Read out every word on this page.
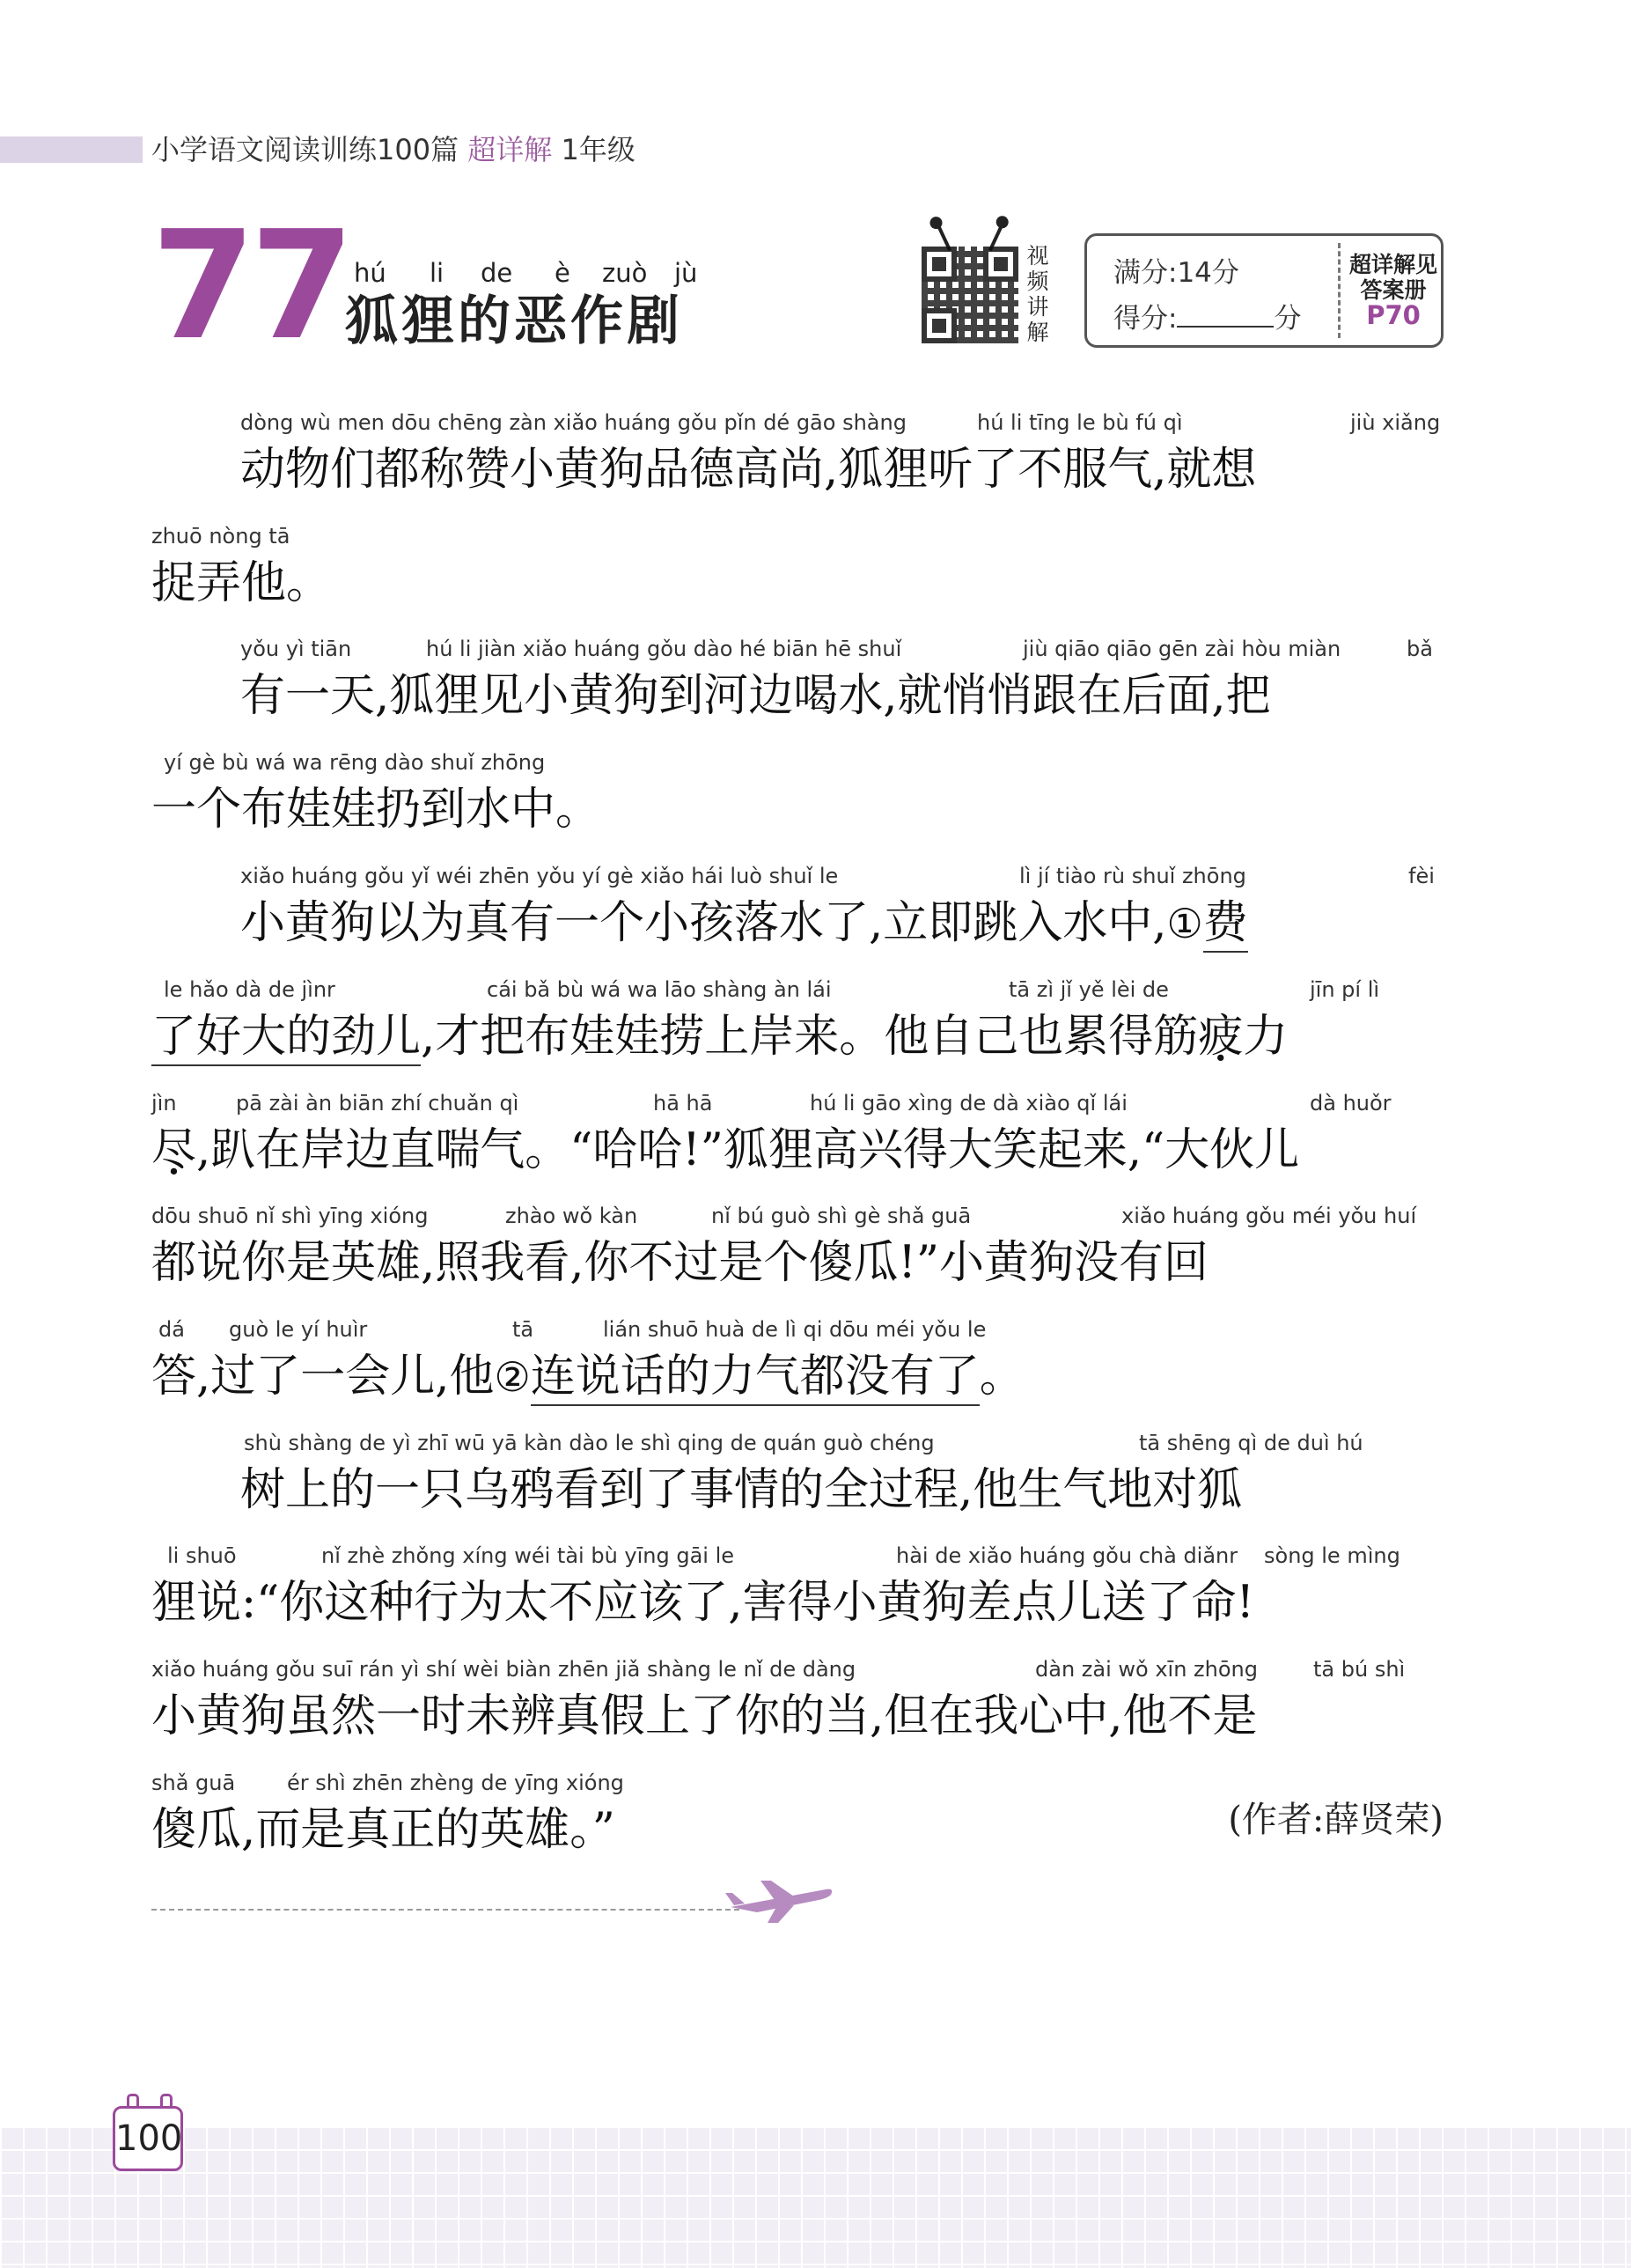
小学语文阅读训练100篇 超详解 1年级
77 hú li de è zuò jù
狐狸的恶作剧
视
频
讲
解
满分:14分
得分:	分
超详解见
答案册
P70
dòng wù men dōu chēng zàn xiǎo huáng gǒu pǐn dé gāo shàng	hú li tīng le bù fú qì	jiù xiǎng
动物们都称赞小黄狗品德高尚,狐狸听了不服气,就想
zhuō nòng tā
捉弄他。
yǒu yì tiān	hú li jiàn xiǎo huáng gǒu dào hé biān hē shuǐ	jiù qiāo qiāo gēn zài hòu miàn	bǎ
有一天,狐狸见小黄狗到河边喝水,就悄悄跟在后面,把
yí gè bù wá wa rēng dào shuǐ zhōng
一个布娃娃扔到水中。
xiǎo huáng gǒu yǐ wéi zhēn yǒu yí gè xiǎo hái luò shuǐ le	lì jí tiào rù shuǐ zhōng	fèi
小黄狗以为真有一个小孩落水了,立即跳入水中,①费
le hǎo dà de jìnr	cái bǎ bù wá wa lāo shàng àn lái	tā zì jǐ yě lèi de	jīn pí lì
了好大的劲儿,才把布娃娃捞上岸来。他自己也累得筋疲力
jìn	pā zài àn biān zhí chuǎn qì	hā hā	hú li gāo xìng de dà xiào qǐ lái	dà huǒr
尽,趴在岸边直喘气。“哈哈!”狐狸高兴得大笑起来,“大伙儿
dōu shuō nǐ shì yīng xióng	zhào wǒ kàn	nǐ bú guò shì gè shǎ guā	xiǎo huáng gǒu méi yǒu huí
都说你是英雄,照我看,你不过是个傻瓜!”小黄狗没有回
dá guò le yí huìr	tā	lián shuō huà de lì qi dōu méi yǒu le
答,过了一会儿,他②连说话的力气都没有了。
shù shàng de yì zhī wū yā kàn dào le shì qing de quán guò chéng	tā shēng qì de duì hú
树上的一只乌鸦看到了事情的全过程,他生气地对狐
li shuō	nǐ zhè zhǒng xíng wéi tài bù yīng gāi le	hài de xiǎo huáng gǒu chà diǎnr sòng le mìng
狸说:“你这种行为太不应该了,害得小黄狗差点儿送了命!
xiǎo huáng gǒu suī rán yì shí wèi biàn zhēn jiǎ shàng le nǐ de dàng	dàn zài wǒ xīn zhōng	tā bú shì
小黄狗虽然一时未辨真假上了你的当,但在我心中,他不是
shǎ guā ér shì zhēn zhèng de yīng xióng
傻瓜,而是真正的英雄。”	(作者:薛贤荣)
100
